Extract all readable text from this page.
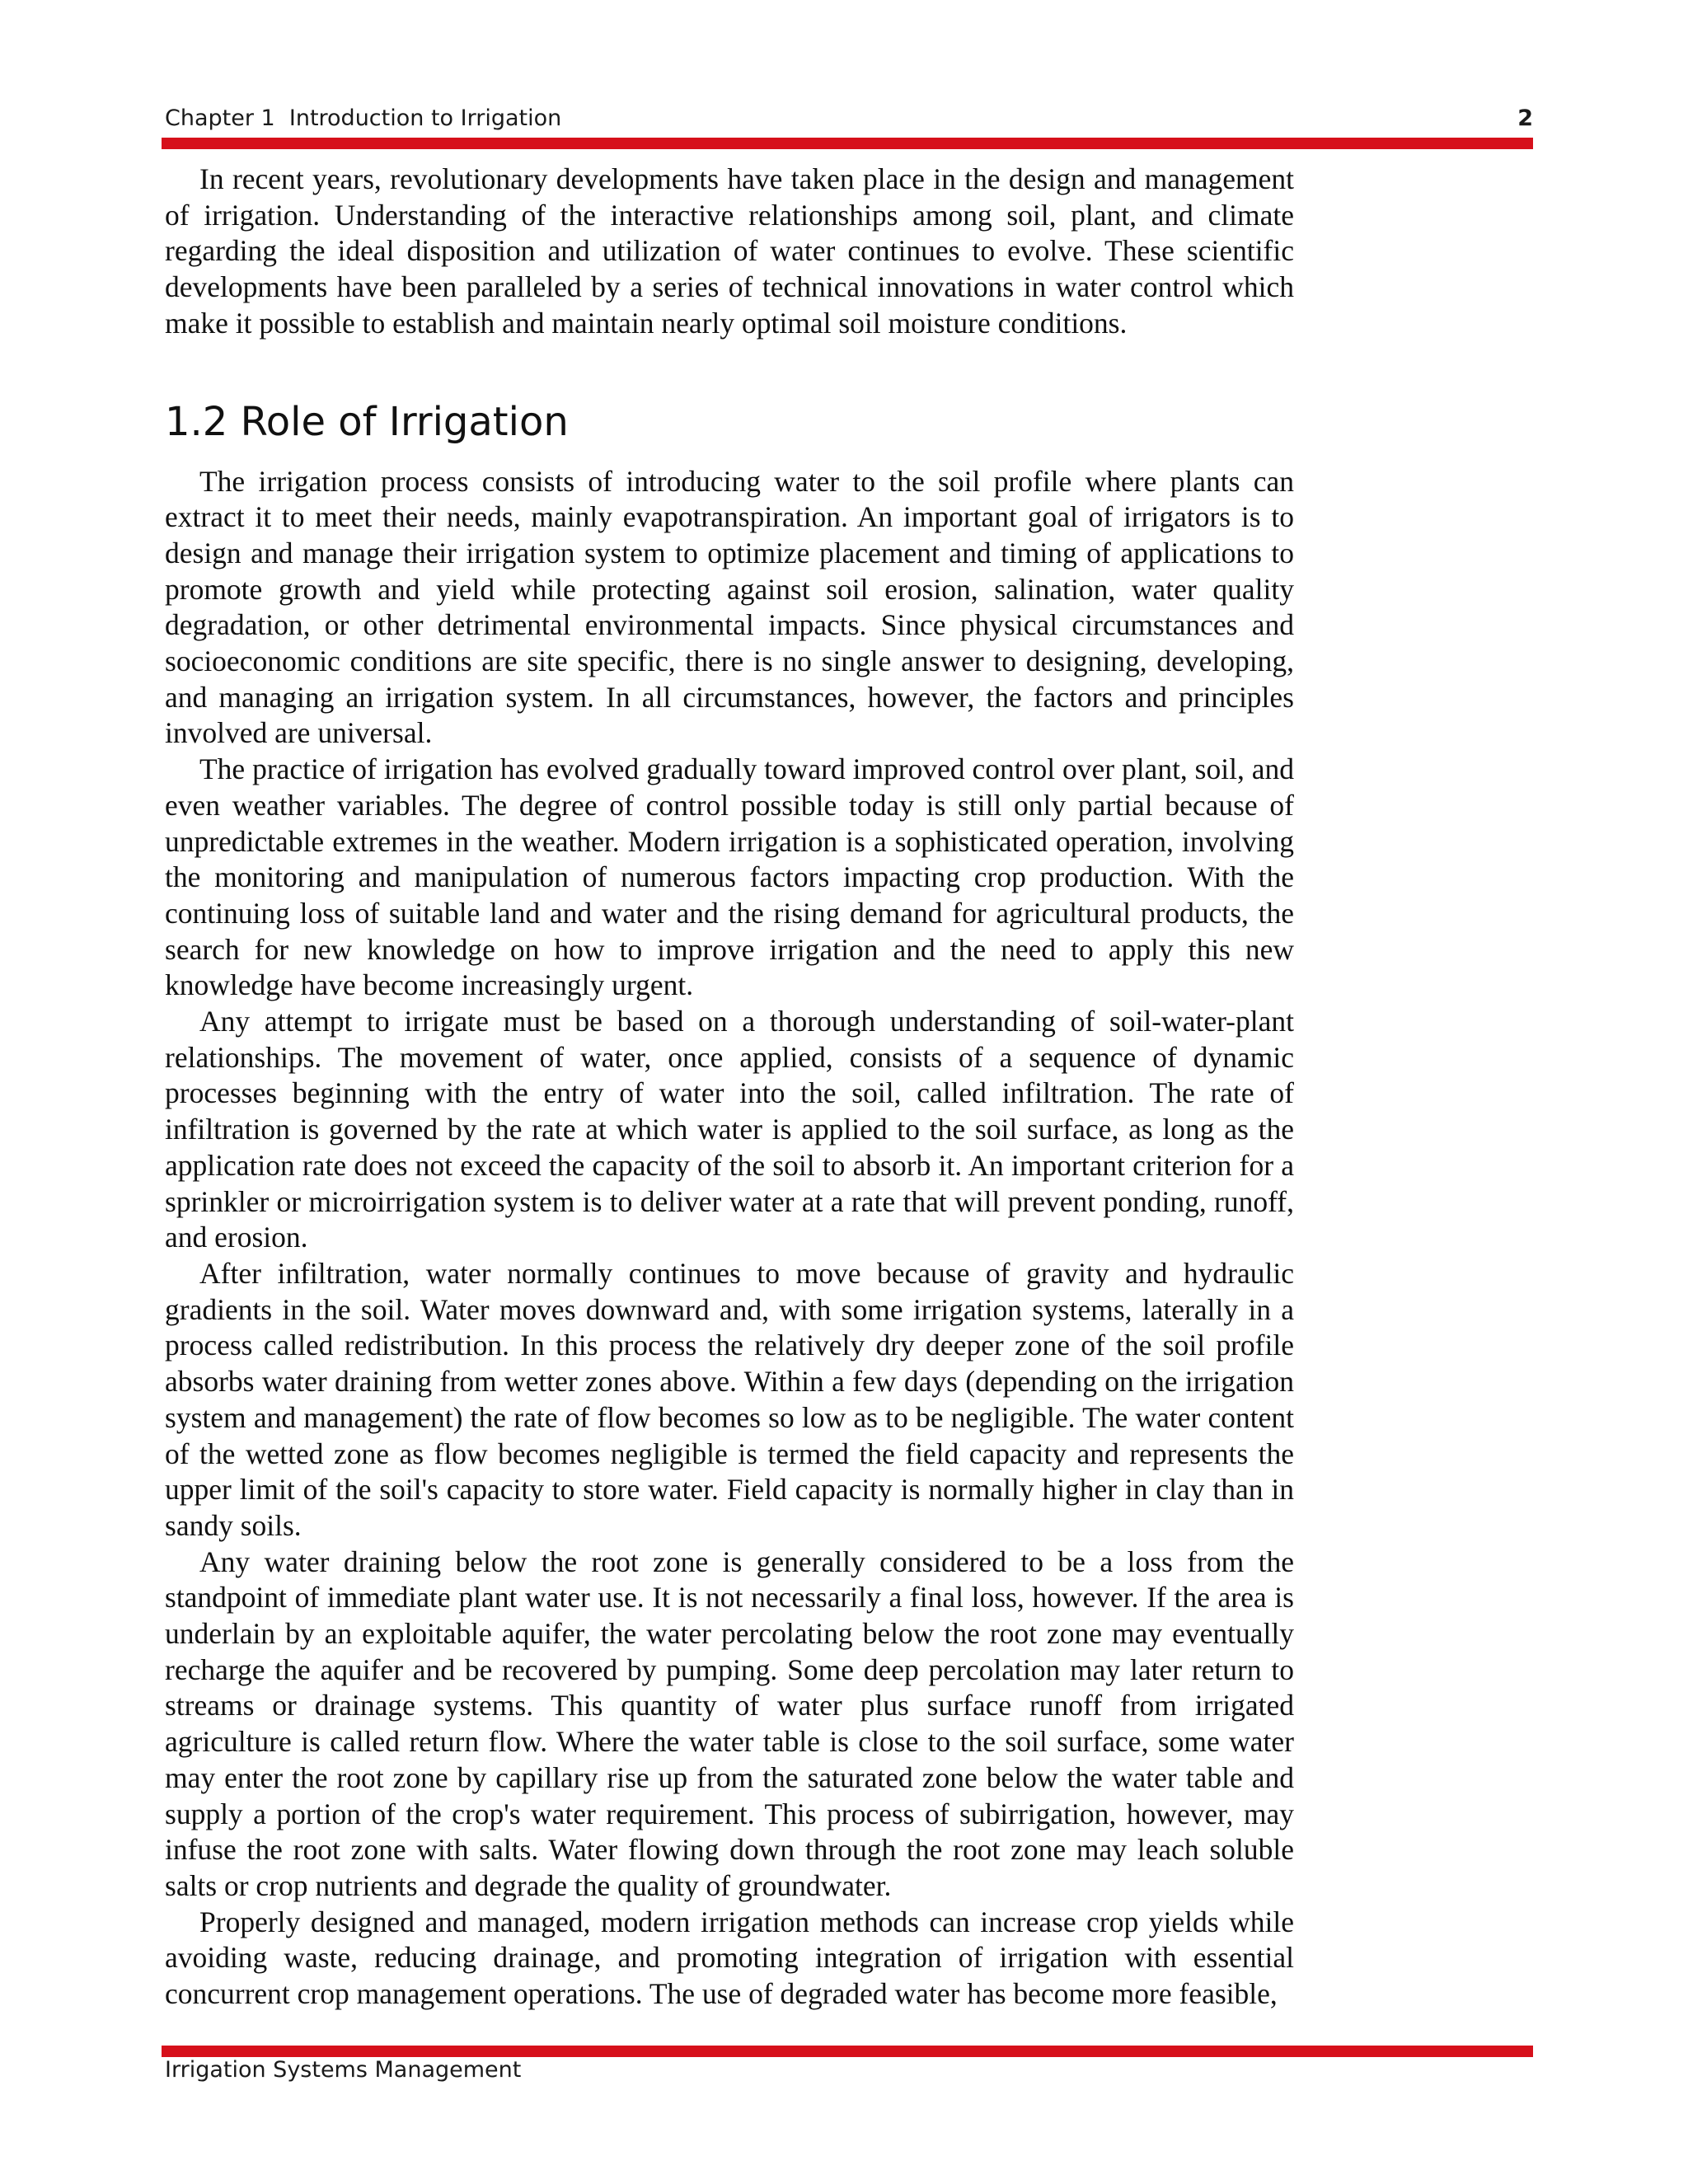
Chapter 1  Introduction to Irrigation	2

In recent years, revolutionary developments have taken place in the design and management of irrigation. Understanding of the interactive relationships among soil, plant, and climate regarding the ideal disposition and utilization of water continues to evolve. These scientific developments have been paralleled by a series of technical innovations in water control which make it possible to establish and maintain nearly optimal soil moisture conditions.

1.2 Role of Irrigation

The irrigation process consists of introducing water to the soil profile where plants can extract it to meet their needs, mainly evapotranspiration. An important goal of irrigators is to design and manage their irrigation system to optimize placement and timing of applications to promote growth and yield while protecting against soil erosion, salination, water quality degradation, or other detrimental environmental impacts. Since physical circumstances and socioeconomic conditions are site specific, there is no single answer to designing, developing, and managing an irrigation system. In all circumstances, however, the factors and principles involved are universal.

The practice of irrigation has evolved gradually toward improved control over plant, soil, and even weather variables. The degree of control possible today is still only partial because of unpredictable extremes in the weather. Modern irrigation is a sophisticated operation, involving the monitoring and manipulation of numerous factors impacting crop production. With the continuing loss of suitable land and water and the rising demand for agricultural products, the search for new knowledge on how to improve irrigation and the need to apply this new knowledge have become increasingly urgent.

Any attempt to irrigate must be based on a thorough understanding of soil-water-plant relationships. The movement of water, once applied, consists of a sequence of dynamic processes beginning with the entry of water into the soil, called infiltration. The rate of infiltration is governed by the rate at which water is applied to the soil surface, as long as the application rate does not exceed the capacity of the soil to absorb it. An important criterion for a sprinkler or microirrigation system is to deliver water at a rate that will prevent ponding, runoff, and erosion.

After infiltration, water normally continues to move because of gravity and hydraulic gradients in the soil. Water moves downward and, with some irrigation systems, laterally in a process called redistribution. In this process the relatively dry deeper zone of the soil profile absorbs water draining from wetter zones above. Within a few days (depending on the irrigation system and management) the rate of flow becomes so low as to be negligible. The water content of the wetted zone as flow becomes negligible is termed the field capacity and represents the upper limit of the soil's capacity to store water. Field capacity is normally higher in clay than in sandy soils.

Any water draining below the root zone is generally considered to be a loss from the standpoint of immediate plant water use. It is not necessarily a final loss, however. If the area is underlain by an exploitable aquifer, the water percolating below the root zone may eventually recharge the aquifer and be recovered by pumping. Some deep percolation may later return to streams or drainage systems. This quantity of water plus surface runoff from irrigated agriculture is called return flow. Where the water table is close to the soil surface, some water may enter the root zone by capillary rise up from the saturated zone below the water table and supply a portion of the crop's water requirement. This process of subirrigation, however, may infuse the root zone with salts. Water flowing down through the root zone may leach soluble salts or crop nutrients and degrade the quality of groundwater.

Properly designed and managed, modern irrigation methods can increase crop yields while avoiding waste, reducing drainage, and promoting integration of irrigation with essential concurrent crop management operations. The use of degraded water has become more feasible,

Irrigation Systems Management
